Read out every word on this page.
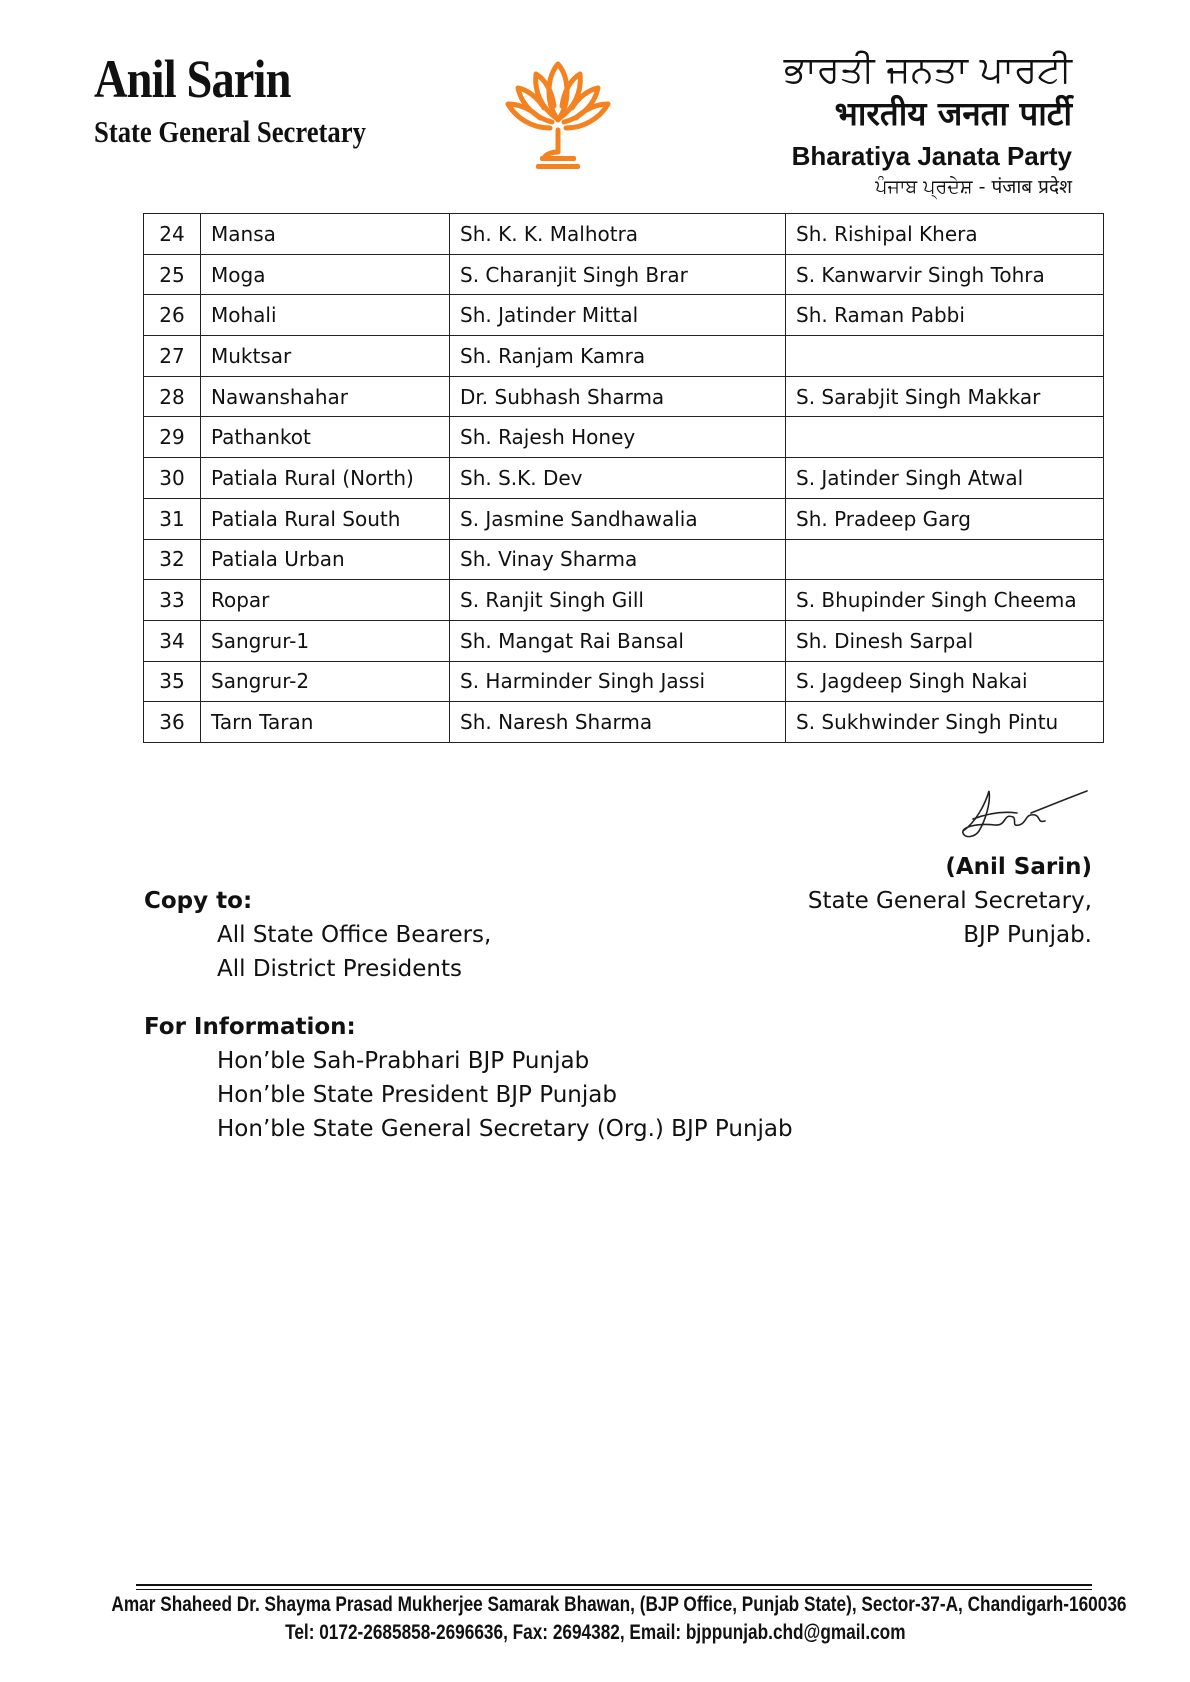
Anil Sarin
State General Secretary
ਭਾਰਤੀ ਜਨਤਾ ਪਾਰਟੀ
भारतीय जनता पार्टी
Bharatiya Janata Party
ਪੰਜਾਬ ਪ੍ਰਦੇਸ਼ - पंजाब प्रदेश
24	Mansa	Sh. K. K. Malhotra	Sh. Rishipal Khera
25	Moga	S. Charanjit Singh Brar	S. Kanwarvir Singh Tohra
26	Mohali	Sh. Jatinder Mittal	Sh. Raman Pabbi
27	Muktsar	Sh. Ranjam Kamra	
28	Nawanshahar	Dr. Subhash Sharma	S. Sarabjit Singh Makkar
29	Pathankot	Sh. Rajesh Honey	
30	Patiala Rural (North)	Sh. S.K. Dev	S. Jatinder Singh Atwal
31	Patiala Rural South	S. Jasmine Sandhawalia	Sh. Pradeep Garg
32	Patiala Urban	Sh. Vinay Sharma	
33	Ropar	S. Ranjit Singh Gill	S. Bhupinder Singh Cheema
34	Sangrur-1	Sh. Mangat Rai Bansal	Sh. Dinesh Sarpal
35	Sangrur-2	S. Harminder Singh Jassi	S. Jagdeep Singh Nakai
36	Tarn Taran	Sh. Naresh Sharma	S. Sukhwinder Singh Pintu
(Anil Sarin)
State General Secretary,
BJP Punjab.
Copy to:
All State Office Bearers,
All District Presidents
For Information:
Hon’ble Sah-Prabhari BJP Punjab
Hon’ble State President BJP Punjab
Hon’ble State General Secretary (Org.) BJP Punjab
Amar Shaheed Dr. Shayma Prasad Mukherjee Samarak Bhawan, (BJP Office, Punjab State), Sector-37-A, Chandigarh-160036
Tel: 0172-2685858-2696636, Fax: 2694382, Email: bjppunjab.chd@gmail.com
